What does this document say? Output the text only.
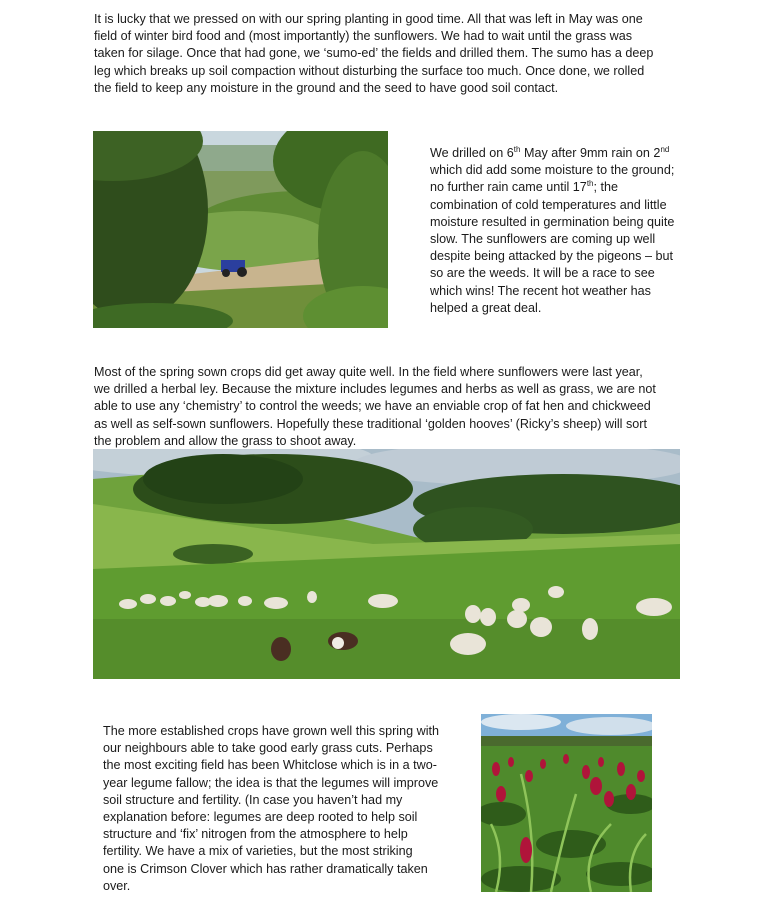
It is lucky that we pressed on with our spring planting in good time. All that was left in May was one
field of winter bird food and (most importantly) the sunflowers. We had to wait until the grass was
taken for silage. Once that had gone, we ‘sumo-ed’ the fields and drilled them. The sumo has a deep
leg which breaks up soil compaction without disturbing the surface too much. Once done, we rolled
the field to keep any moisture in the ground and the seed to have good soil contact.
We drilled on 6th May after 9mm rain on 2nd
which did add some moisture to the ground;
no further rain came until 17th; the
combination of cold temperatures and little
moisture resulted in germination being quite
slow. The sunflowers are coming up well
despite being attacked by the pigeons – but
so are the weeds. It will be a race to see
which wins! The recent hot weather has
helped a great deal.
Most of the spring sown crops did get away quite well. In the field where sunflowers were last year,
we drilled a herbal ley. Because the mixture includes legumes and herbs as well as grass, we are not
able to use any ‘chemistry’ to control the weeds; we have an enviable crop of fat hen and chickweed
as well as self-sown sunflowers. Hopefully these traditional ‘golden hooves’ (Ricky’s sheep) will sort
the problem and allow the grass to shoot away.
The more established crops have grown well this spring with
our neighbours able to take good early grass cuts. Perhaps
the most exciting field has been Whitclose which is in a two-
year legume fallow; the idea is that the legumes will improve
soil structure and fertility. (In case you haven’t had my
explanation before: legumes are deep rooted to help soil
structure and ‘fix’ nitrogen from the atmosphere to help
fertility. We have a mix of varieties, but the most striking
one is Crimson Clover which has rather dramatically taken
over.
